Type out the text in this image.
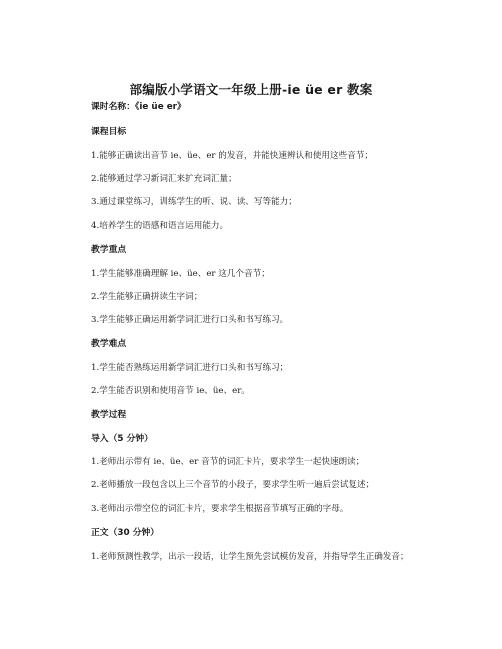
部编版小学语文一年级上册-ie üe er 教案
课时名称：《ie üe er》
课程目标
1.能够正确读出音节 ie、üe、er 的发音，并能快速辨认和使用这些音节；
2.能够通过学习新词汇来扩充词汇量；
3.通过课堂练习，训练学生的听、说、读、写等能力；
4.培养学生的语感和语言运用能力。
教学重点
1.学生能够准确理解 ie、üe、er 这几个音节；
2.学生能够正确拼读生字词；
3.学生能够正确运用新学词汇进行口头和书写练习。
教学难点
1.学生能否熟练运用新学词汇进行口头和书写练习；
2.学生能否识别和使用音节 ie、üe、er。
教学过程
导入（5 分钟）
1.老师出示带有 ie、üe、er 音节的词汇卡片，要求学生一起快速朗读；
2.老师播放一段包含以上三个音节的小段子，要求学生听一遍后尝试复述；
3.老师出示带空位的词汇卡片，要求学生根据音节填写正确的字母。
正文（30 分钟）
1.老师预测性教学，出示一段话，让学生预先尝试模仿发音，并指导学生正确发音；
